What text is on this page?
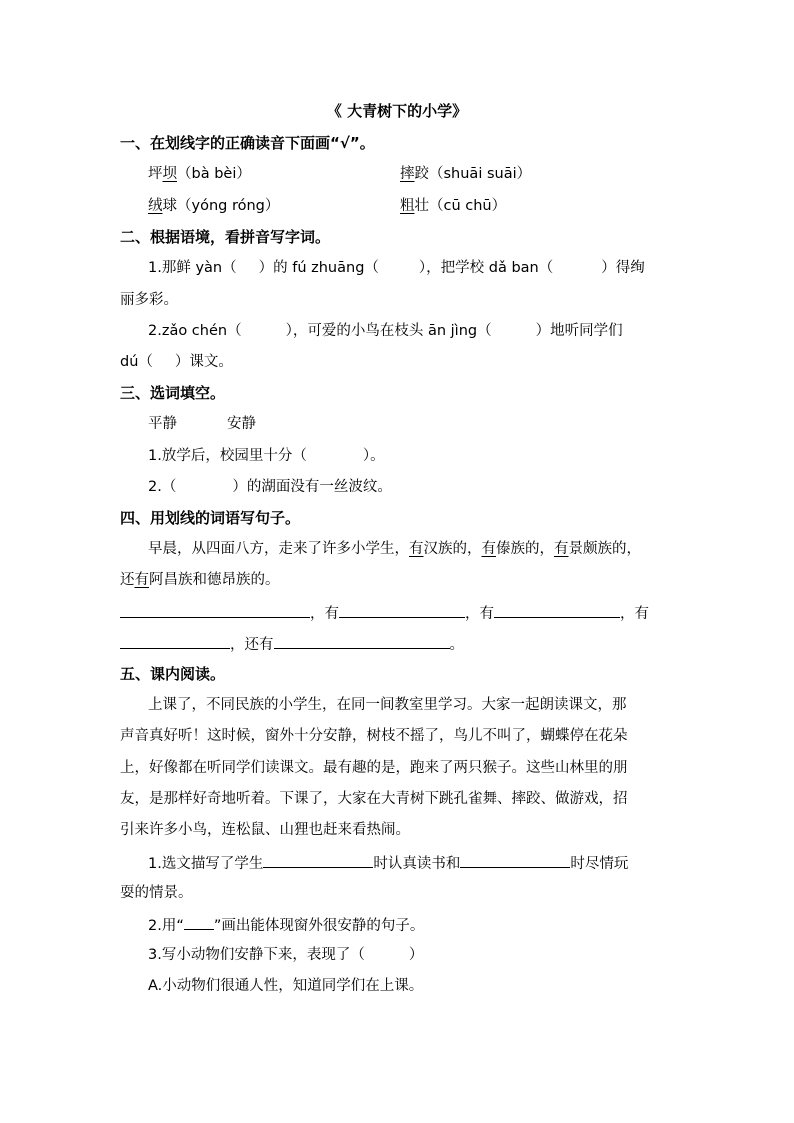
《 大青树下的小学》
一、在划线字的正确读音下面画“√”。
坪坝（bà bèi）	摔跤（shuāi suāi）
绒球（yóng róng）	粗壮（cū chū）
二、根据语境，看拼音写字词。
1.那鲜 yàn（ ）的 fú zhuāng（	），把学校 dǎ ban（	）得绚
丽多彩。
2.zǎo chén（	），可爱的小鸟在枝头 ān jìng（	）地听同学们
dú（ ）课文。
三、选词填空。
平静	安静
1.放学后，校园里十分（	）。
2.（	）的湖面没有一丝波纹。
四、用划线的词语写句子。
早晨，从四面八方，走来了许多小学生，有汉族的，有傣族的，有景颇族的，
还有阿昌族和德昂族的。
，有	，有	，有
，还有	。
五、课内阅读。
上课了，不同民族的小学生，在同一间教室里学习。大家一起朗读课文，那
声音真好听！这时候，窗外十分安静，树枝不摇了，鸟儿不叫了，蝴蝶停在花朵
上，好像都在听同学们读课文。最有趣的是，跑来了两只猴子。这些山林里的朋
友，是那样好奇地听着。下课了，大家在大青树下跳孔雀舞、摔跤、做游戏，招
引来许多小鸟，连松鼠、山狸也赶来看热闹。
1.选文描写了学生	时认真读书和	时尽情玩
耍的情景。
2.用“ ”画出能体现窗外很安静的句子。
3.写小动物们安静下来，表现了（	）
A.小动物们很通人性，知道同学们在上课。
